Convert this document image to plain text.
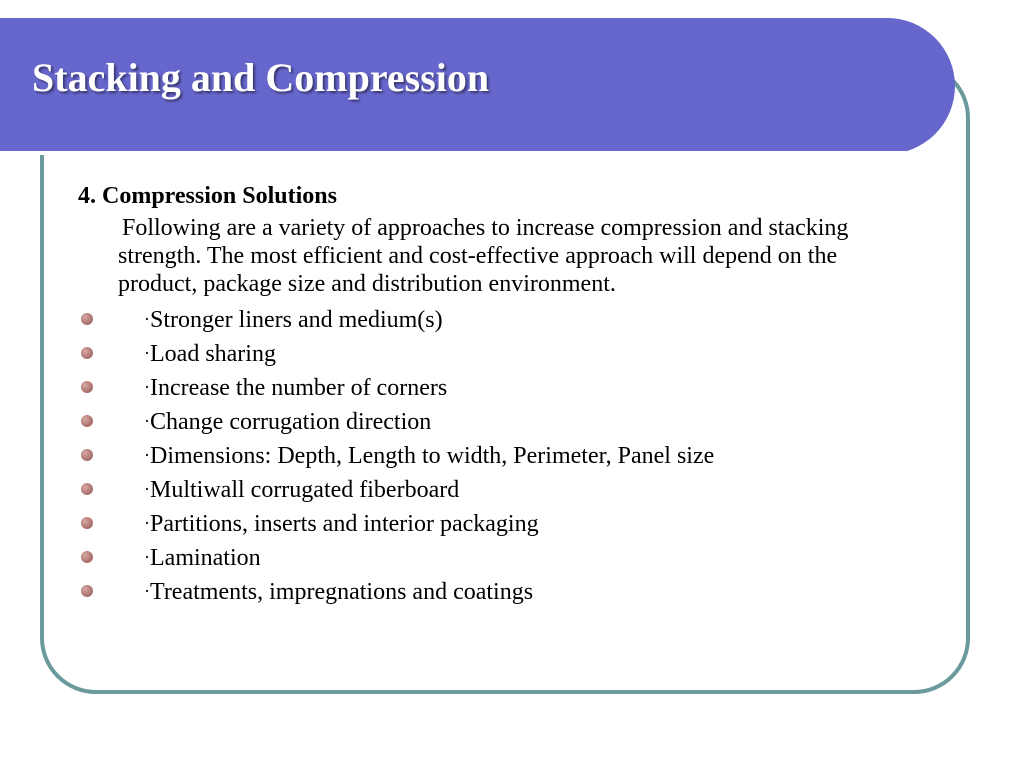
Stacking and Compression

4. Compression Solutions

Following are a variety of approaches to increase compression and stacking strength. The most efficient and cost-effective approach will depend on the product, package size and distribution environment.

·Stronger liners and medium(s)
·Load sharing
·Increase the number of corners
·Change corrugation direction
·Dimensions: Depth, Length to width, Perimeter, Panel size
·Multiwall corrugated fiberboard
·Partitions, inserts and interior packaging
·Lamination
·Treatments, impregnations and coatings
